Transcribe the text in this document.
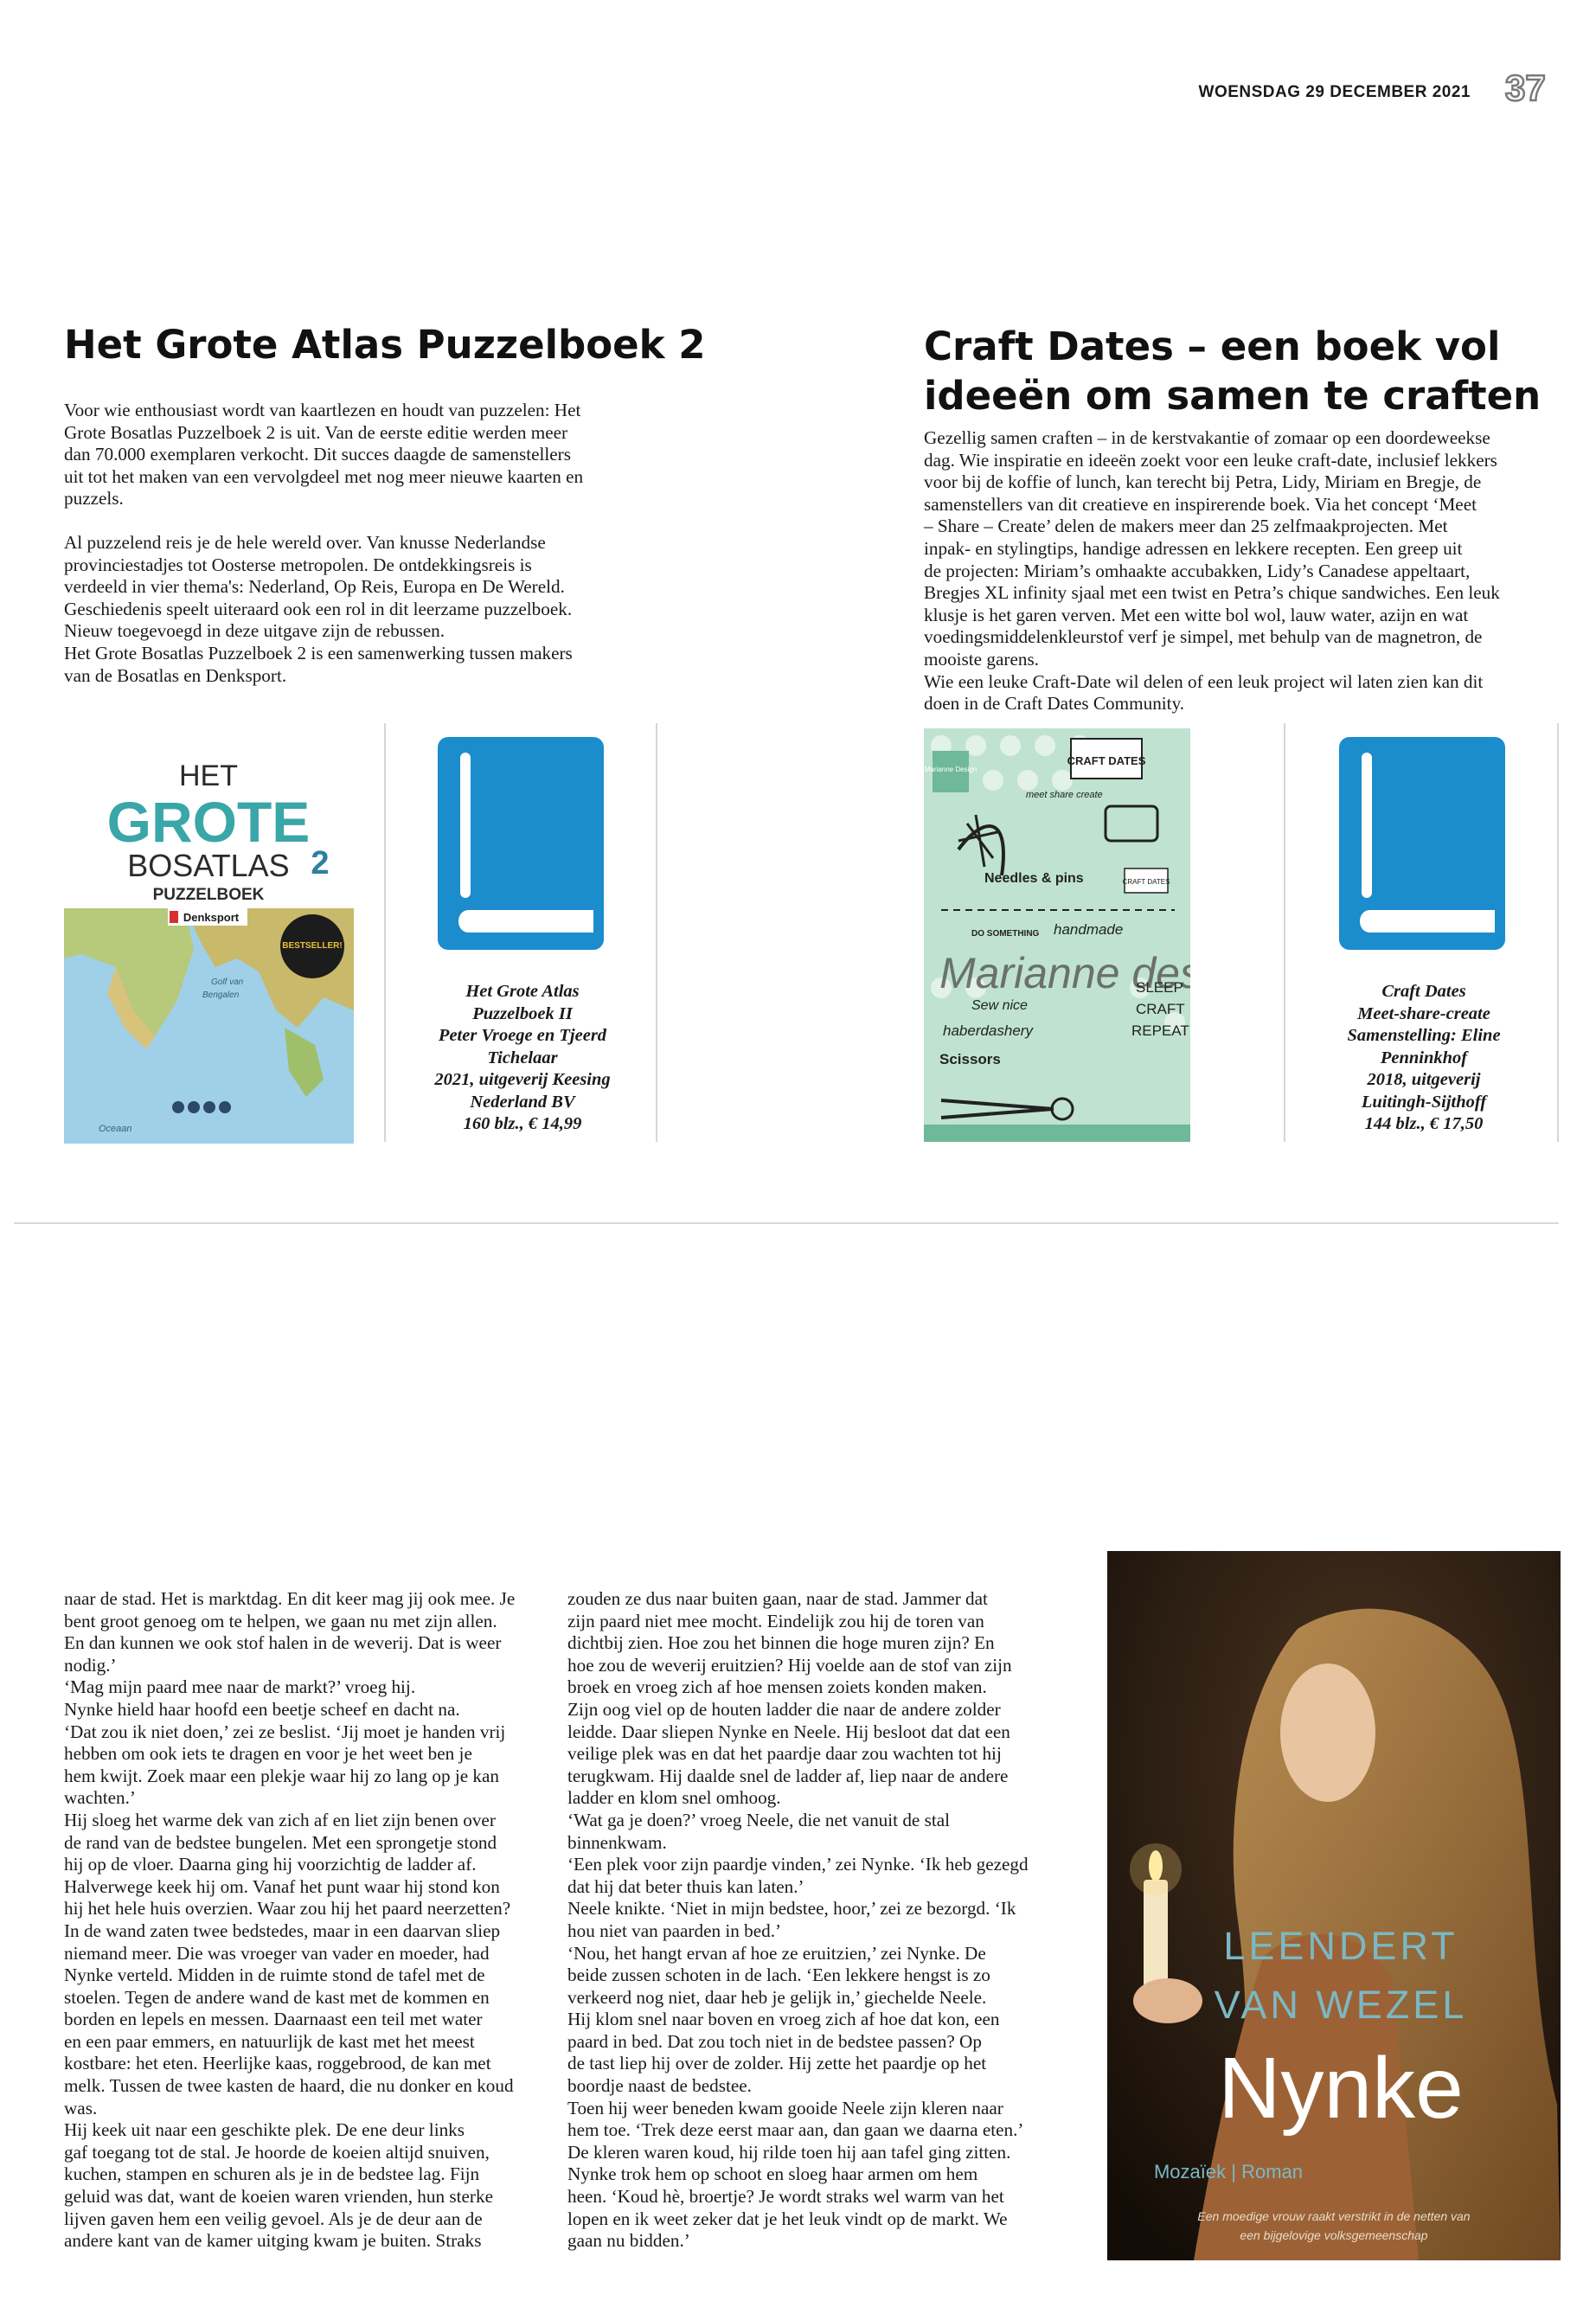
WOENSDAG 29 DECEMBER 2021 37
Het Grote Atlas Puzzelboek 2

Voor wie enthousiast wordt van kaartlezen en houdt van puzzelen: Het

Grote Bosatlas Puzzelboek 2 is uit. Van de eerste editie werden meer

dan 70.000 exemplaren verkocht. Dit succes daagde de samenstellers

uit tot het maken van een vervolgdeel met nog meer nieuwe kaarten en

puzzels.

Al puzzelend reis je de hele wereld over. Van knusse Nederlandse

provinciestadjes tot Oosterse metropolen. De ontdekkingsreis is

verdeeld in vier thema's: Nederland, Op Reis, Europa en De Wereld.

Geschiedenis speelt uiteraard ook een rol in dit leerzame puzzelboek.

Nieuw toegevoegd in deze uitgave zijn de rebussen.

Het Grote Bosatlas Puzzelboek 2 is een samenwerking tussen makers

van de Bosatlas en Denksport.

HET
GROTE
BOSATLAS
PUZZELBOEK
2
Denksport
BESTSELLER!
Golf van
Bengalen
Oceaan
Het Grote Atlas
Puzzelboek II
Peter Vroege en Tjeerd
Tichelaar
2021, uitgeverij Keesing
Nederland BV
160 blz., € 14,99
Craft Dates – een boek vol
ideeën om samen te craften

Gezellig samen craften – in de kerstvakantie of zomaar op een doordeweekse

dag. Wie inspiratie en ideeën zoekt voor een leuke craft-date, inclusief lekkers

voor bij de koffie of lunch, kan terecht bij Petra, Lidy, Miriam en Bregje, de

samenstellers van dit creatieve en inspirerende boek. Via het concept ‘Meet

– Share – Create’ delen de makers meer dan 25 zelfmaakprojecten. Met

inpak- en stylingtips, handige adressen en lekkere recepten. Een greep uit

de projecten: Miriam’s omhaakte accubakken, Lidy’s Canadese appeltaart,

Bregjes XL infinity sjaal met een twist en Petra’s chique sandwiches. Een leuk

klusje is het garen verven. Met een witte bol wol, lauw water, azijn en wat

voedingsmiddelenkleurstof verf je simpel, met behulp van de magnetron, de

mooiste garens.

Wie een leuke Craft-Date wil delen of een leuk project wil laten zien kan dit

doen in de Craft Dates Community.

Marianne Design
CRAFT DATES
meet share create
Needles & pins	CRAFT DATES
DO SOMETHING handmade
Marianne de
SLEEP
CRAFT
REPEAT
Sew nice
haberdashery
Scissors
Craft Dates
Meet-share-create
Samenstelling: Eline
Penninkhof
2018, uitgeverij
Luitingh-Sijthoff
144 blz., € 17,50

naar de stad. Het is marktdag. En dit keer mag jij ook mee. Je

bent groot genoeg om te helpen, we gaan nu met zijn allen.

En dan kunnen we ook stof halen in de weverij. Dat is weer

nodig.’

‘Mag mijn paard mee naar de markt?’ vroeg hij.

Nynke hield haar hoofd een beetje scheef en dacht na.

‘Dat zou ik niet doen,’ zei ze beslist. ‘Jij moet je handen vrij

hebben om ook iets te dragen en voor je het weet ben je

hem kwijt. Zoek maar een plekje waar hij zo lang op je kan

wachten.’

Hij sloeg het warme dek van zich af en liet zijn benen over

de rand van de bedstee bungelen. Met een sprongetje stond

hij op de vloer. Daarna ging hij voorzichtig de ladder af.

Halverwege keek hij om. Vanaf het punt waar hij stond kon

hij het hele huis overzien. Waar zou hij het paard neerzetten?

In de wand zaten twee bedstedes, maar in een daarvan sliep

niemand meer. Die was vroeger van vader en moeder, had

Nynke verteld. Midden in de ruimte stond de tafel met de

stoelen. Tegen de andere wand de kast met de kommen en

borden en lepels en messen. Daarnaast een teil met water

en een paar emmers, en natuurlijk de kast met het meest

kostbare: het eten. Heerlijke kaas, roggebrood, de kan met

melk. Tussen de twee kasten de haard, die nu donker en koud

was.

Hij keek uit naar een geschikte plek. De ene deur links

gaf toegang tot de stal. Je hoorde de koeien altijd snuiven,

kuchen, stampen en schuren als je in de bedstee lag. Fijn

geluid was dat, want de koeien waren vrienden, hun sterke

lijven gaven hem een veilig gevoel. Als je de deur aan de

andere kant van de kamer uitging kwam je buiten. Straks

zouden ze dus naar buiten gaan, naar de stad. Jammer dat

zijn paard niet mee mocht. Eindelijk zou hij de toren van

dichtbij zien. Hoe zou het binnen die hoge muren zijn? En

hoe zou de weverij eruitzien? Hij voelde aan de stof van zijn

broek en vroeg zich af hoe mensen zoiets konden maken.

Zijn oog viel op de houten ladder die naar de andere zolder

leidde. Daar sliepen Nynke en Neele. Hij besloot dat dat een

veilige plek was en dat het paardje daar zou wachten tot hij

terugkwam. Hij daalde snel de ladder af, liep naar de andere

ladder en klom snel omhoog.

‘Wat ga je doen?’ vroeg Neele, die net vanuit de stal

binnenkwam.

‘Een plek voor zijn paardje vinden,’ zei Nynke. ‘Ik heb gezegd

dat hij dat beter thuis kan laten.’

Neele knikte. ‘Niet in mijn bedstee, hoor,’ zei ze bezorgd. ‘Ik

hou niet van paarden in bed.’

‘Nou, het hangt ervan af hoe ze eruitzien,’ zei Nynke. De

beide zussen schoten in de lach. ‘Een lekkere hengst is zo

verkeerd nog niet, daar heb je gelijk in,’ giechelde Neele.

Hij klom snel naar boven en vroeg zich af hoe dat kon, een

paard in bed. Dat zou toch niet in de bedstee passen? Op

de tast liep hij over de zolder. Hij zette het paardje op het

boordje naast de bedstee.

Toen hij weer beneden kwam gooide Neele zijn kleren naar

hem toe. ‘Trek deze eerst maar aan, dan gaan we daarna eten.’

De kleren waren koud, hij rilde toen hij aan tafel ging zitten.

Nynke trok hem op schoot en sloeg haar armen om hem

heen. ‘Koud hè, broertje? Je wordt straks wel warm van het

lopen en ik weet zeker dat je het leuk vindt op de markt. We

gaan nu bidden.’

LEENDERT
VAN WEZEL
Nynke
Mozaïek | Roman
Een moedige vrouw raakt verstrikt in de netten van
een bijgelovige volksgemeenschap
